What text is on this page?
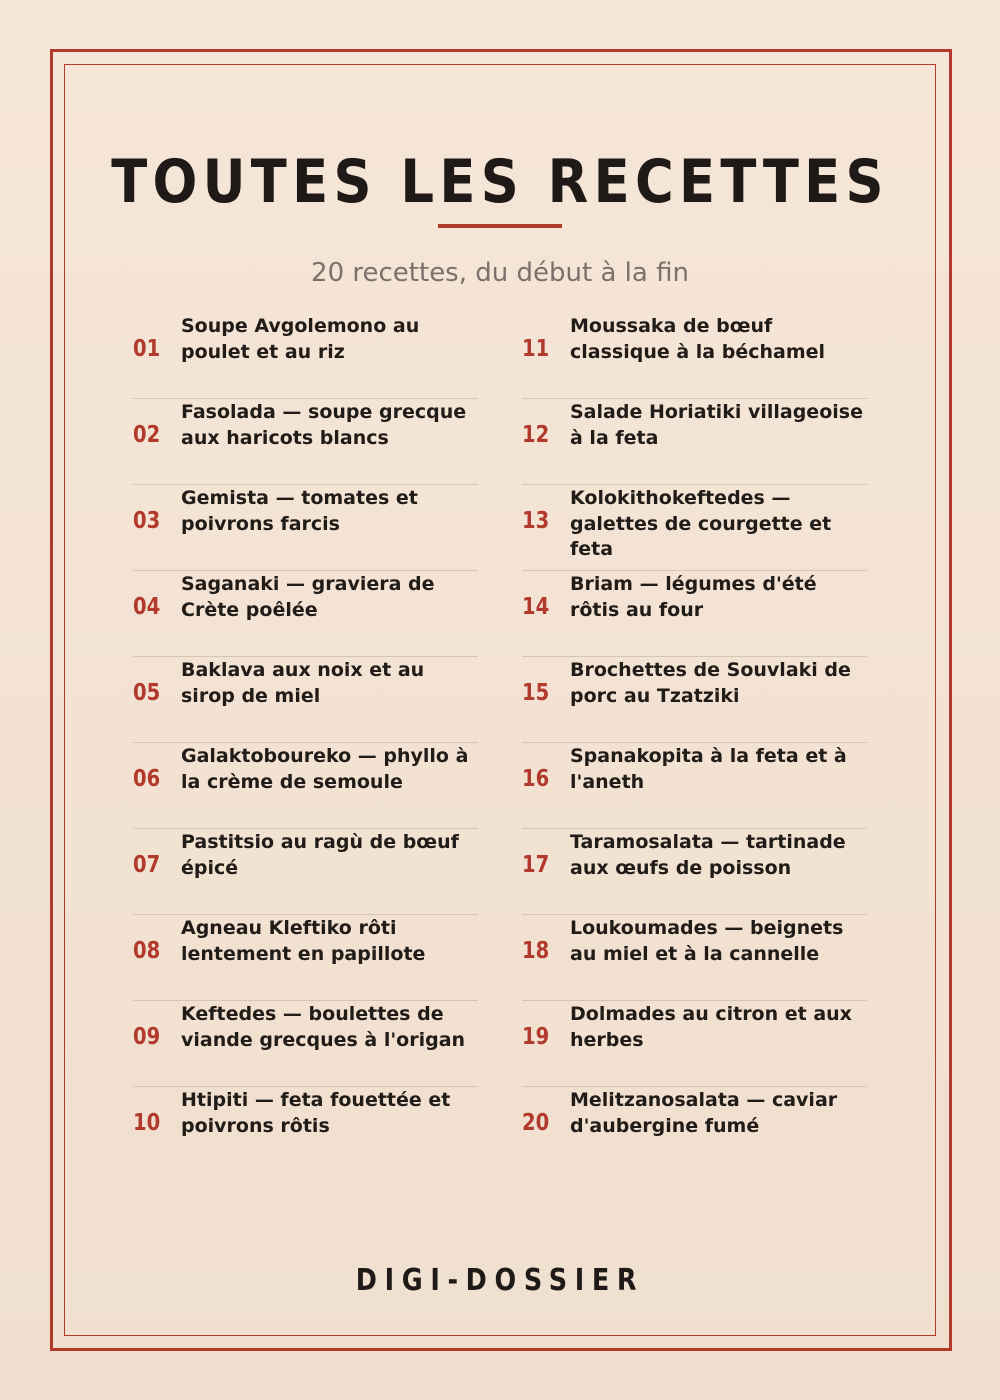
TOUTES LES RECETTES
20 recettes, du début à la fin
01
Soupe Avgolemono au poulet et au riz
02
Fasolada — soupe grecque aux haricots blancs
03
Gemista — tomates et poivrons farcis
04
Saganaki — graviera de Crète poêlée
05
Baklava aux noix et au sirop de miel
06
Galaktoboureko — phyllo à la crème de semoule
07
Pastitsio au ragù de bœuf épicé
08
Agneau Kleftiko rôti lentement en papillote
09
Keftedes — boulettes de viande grecques à l'origan
10
Htipiti — feta fouettée et poivrons rôtis
11
Moussaka de bœuf classique à la béchamel
12
Salade Horiatiki villageoise à la feta
13
Kolokithokeftedes — galettes de courgette et feta
14
Briam — légumes d'été rôtis au four
15
Brochettes de Souvlaki de porc au Tzatziki
16
Spanakopita à la feta et à l'aneth
17
Taramosalata — tartinade aux œufs de poisson
18
Loukoumades — beignets au miel et à la cannelle
19
Dolmades au citron et aux herbes
20
Melitzanosalata — caviar d'aubergine fumé
DIGI-DOSSIER
